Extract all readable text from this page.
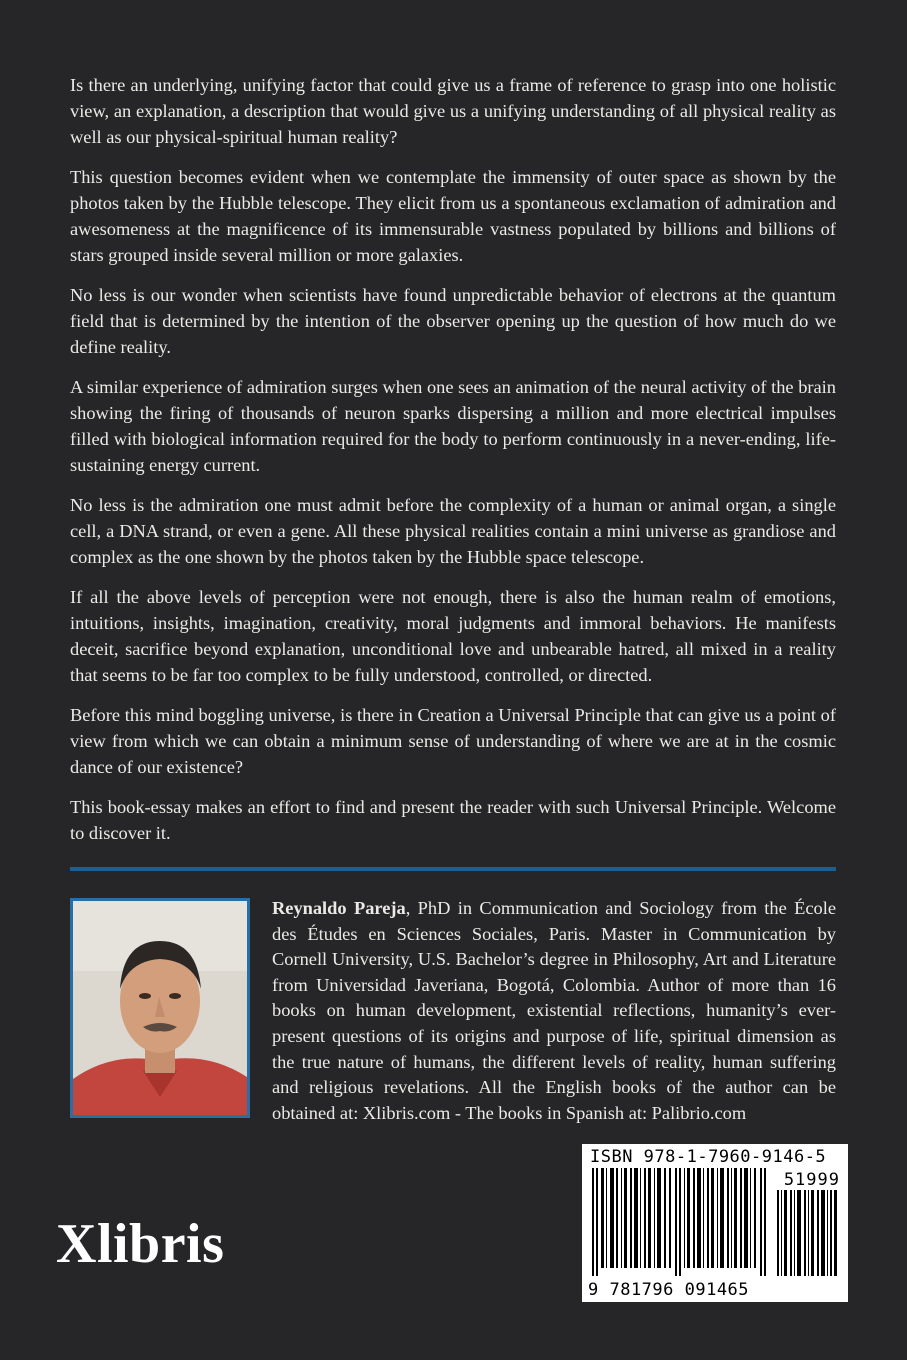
Is there an underlying, unifying factor that could give us a frame of reference to grasp into one holistic view, an explanation, a description that would give us a unifying understanding of all physical reality as well as our physical-spiritual human reality?

This question becomes evident when we contemplate the immensity of outer space as shown by the photos taken by the Hubble telescope. They elicit from us a spontaneous exclamation of admiration and awesomeness at the magnificence of its immensurable vastness populated by billions and billions of stars grouped inside several million or more galaxies.

No less is our wonder when scientists have found unpredictable behavior of electrons at the quantum field that is determined by the intention of the observer opening up the question of how much do we define reality.

A similar experience of admiration surges when one sees an animation of the neural activity of the brain showing the firing of thousands of neuron sparks dispersing a million and more electrical impulses filled with biological information required for the body to perform continuously in a never-ending, life-sustaining energy current.

No less is the admiration one must admit before the complexity of a human or animal organ, a single cell, a DNA strand, or even a gene. All these physical realities contain a mini universe as grandiose and complex as the one shown by the photos taken by the Hubble space telescope.

If all the above levels of perception were not enough, there is also the human realm of emotions, intuitions, insights, imagination, creativity, moral judgments and immoral behaviors. He manifests deceit, sacrifice beyond explanation, unconditional love and unbearable hatred, all mixed in a reality that seems to be far too complex to be fully understood, controlled, or directed.

Before this mind boggling universe, is there in Creation a Universal Principle that can give us a point of view from which we can obtain a minimum sense of understanding of where we are at in the cosmic dance of our existence?

This book-essay makes an effort to find and present the reader with such Universal Principle. Welcome to discover it.

Reynaldo Pareja, PhD in Communication and Sociology from the École des Études en Sciences Sociales, Paris. Master in Communication by Cornell University, U.S. Bachelor’s degree in Philosophy, Art and Literature from Universidad Javeriana, Bogotá, Colombia. Author of more than 16 books on human development, existential reflections, humanity’s ever-present questions of its origins and purpose of life, spiritual dimension as the true nature of humans, the different levels of reality, human suffering and religious revelations. All the English books of the author can be obtained at: Xlibris.com - The books in Spanish at: Palibrio.com

Xlibris
ISBN 978-1-7960-9146-5
51999
9 781796 091465
